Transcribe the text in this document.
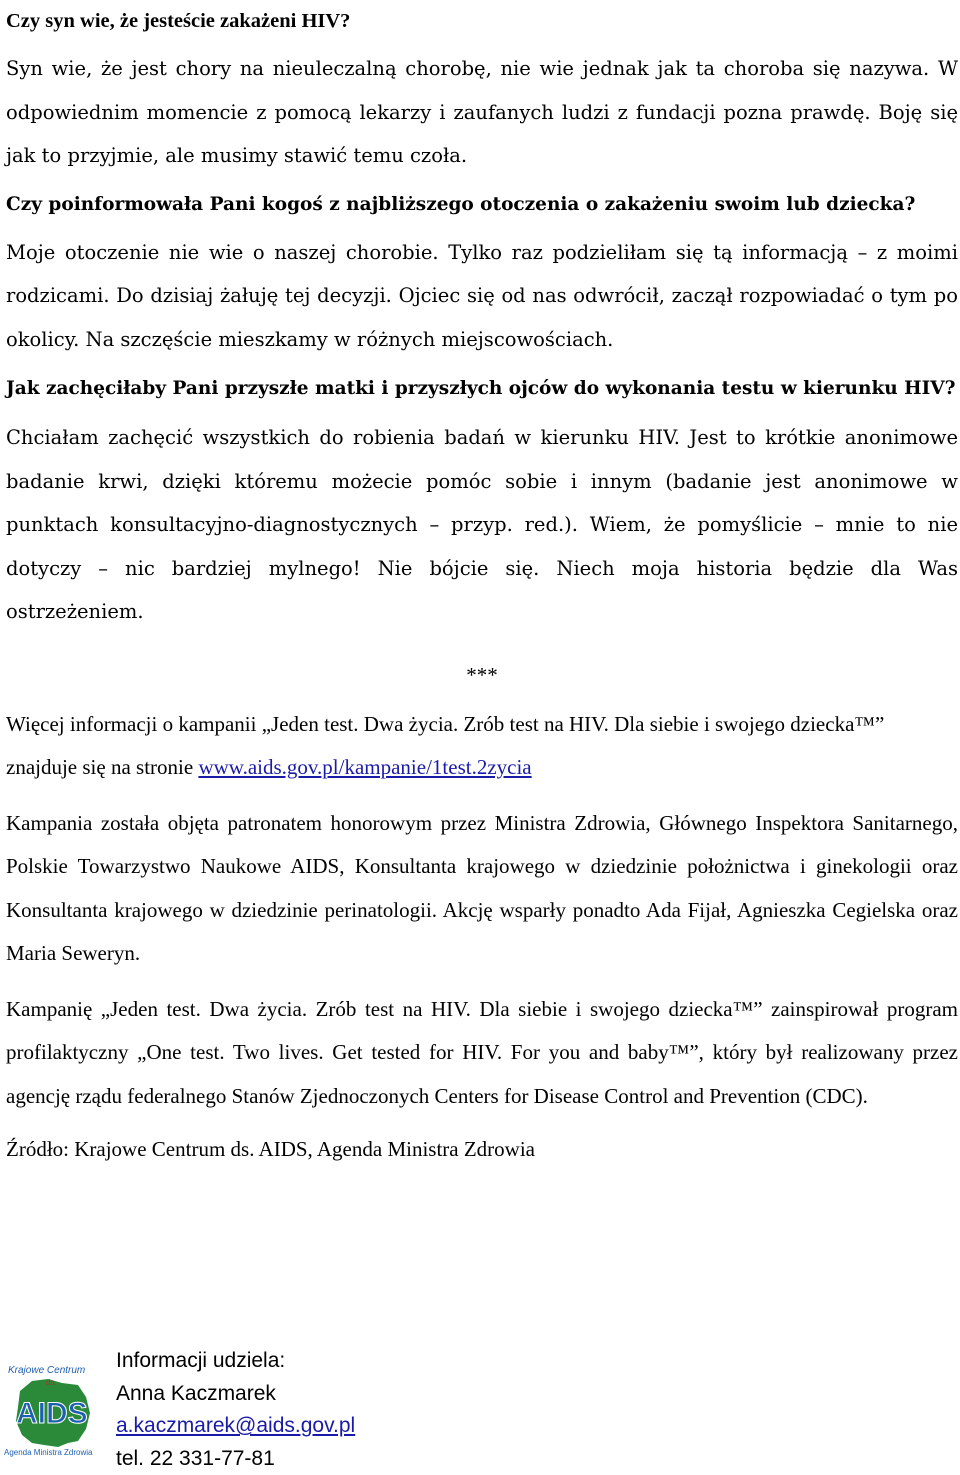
Czy syn wie, że jesteście zakażeni HIV?

Syn wie, że jest chory na nieuleczalną chorobę, nie wie jednak jak ta choroba się nazywa. W odpowiednim momencie z pomocą lekarzy i zaufanych ludzi z fundacji pozna prawdę. Boję się jak to przyjmie, ale musimy stawić temu czoła.

Czy poinformowała Pani kogoś z najbliższego otoczenia o zakażeniu swoim lub dziecka?

Moje otoczenie nie wie o naszej chorobie. Tylko raz podzieliłam się tą informacją – z moimi rodzicami. Do dzisiaj żałuję tej decyzji. Ojciec się od nas odwrócił, zaczął rozpowiadać o tym po okolicy. Na szczęście mieszkamy w różnych miejscowościach.

Jak zachęciłaby Pani przyszłe matki i przyszłych ojców do wykonania testu w kierunku HIV?

Chciałam zachęcić wszystkich do robienia badań w kierunku HIV. Jest to krótkie anonimowe badanie krwi, dzięki któremu możecie pomóc sobie i innym (badanie jest anonimowe w punktach konsultacyjno-diagnostycznych – przyp. red.). Wiem, że pomyślicie – mnie to nie dotyczy – nic bardziej mylnego! Nie bójcie się. Niech moja historia będzie dla Was ostrzeżeniem.

***

Więcej informacji o kampanii „Jeden test. Dwa życia. Zrób test na HIV. Dla siebie i swojego dziecka™” znajduje się na stronie www.aids.gov.pl/kampanie/1test.2zycia

Kampania została objęta patronatem honorowym przez Ministra Zdrowia, Głównego Inspektora Sanitarnego, Polskie Towarzystwo Naukowe AIDS, Konsultanta krajowego w dziedzinie położnictwa i ginekologii oraz Konsultanta krajowego w dziedzinie perinatologii. Akcję wsparły ponadto Ada Fijał, Agnieszka Cegielska oraz Maria Seweryn.

Kampanię „Jeden test. Dwa życia. Zrób test na HIV. Dla siebie i swojego dziecka™” zainspirował program profilaktyczny „One test. Two lives. Get tested for HIV. For you and baby™”, który był realizowany przez agencję rządu federalnego Stanów Zjednoczonych Centers for Disease Control and Prevention (CDC).

Źródło: Krajowe Centrum ds. AIDS, Agenda Ministra Zdrowia

Krajowe Centrum
ds.
AIDS
Agenda Ministra Zdrowia
Informacji udziela:
Anna Kaczmarek
a.kaczmarek@aids.gov.pl
tel. 22 331-77-81
